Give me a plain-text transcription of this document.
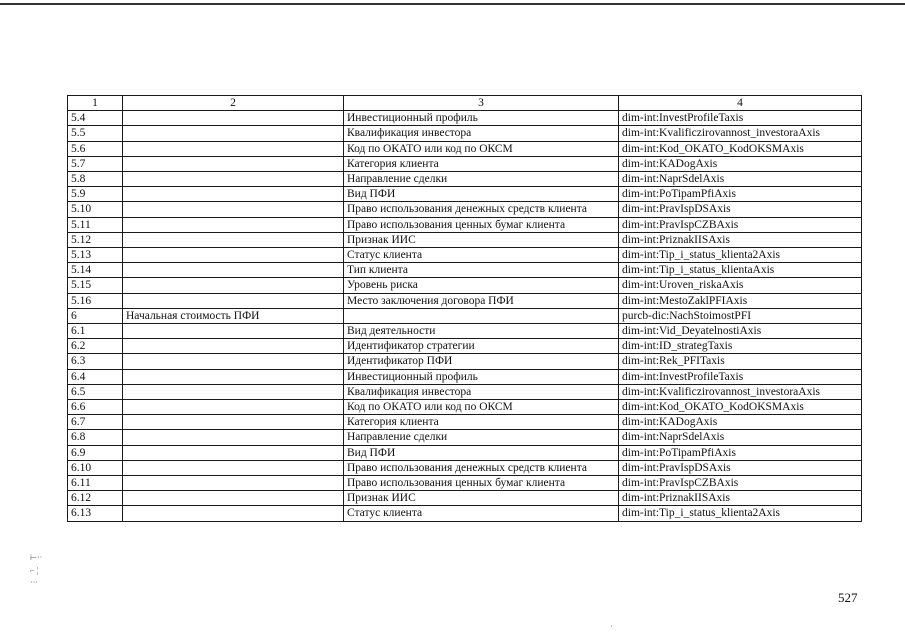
1	2	3	4
5.4		Инвестиционный профиль	dim-int:InvestProfileTaxis
5.5		Квалификация инвестора	dim-int:Kvalificzirovannost_investoraAxis
5.6		Код по ОКАТО или код по ОКСМ	dim-int:Kod_OKATO_KodOKSMAxis
5.7		Категория клиента	dim-int:KADogAxis
5.8		Направление сделки	dim-int:NaprSdelAxis
5.9		Вид ПФИ	dim-int:PoTipamPfiAxis
5.10		Право использования денежных средств клиента	dim-int:PravIspDSAxis
5.11		Право использования ценных бумаг клиента	dim-int:PravIspCZBAxis
5.12		Признак ИИС	dim-int:PriznakIISAxis
5.13		Статус клиента	dim-int:Tip_i_status_klienta2Axis
5.14		Тип клиента	dim-int:Tip_i_status_klientaAxis
5.15		Уровень риска	dim-int:Uroven_riskaAxis
5.16		Место заключения договора ПФИ	dim-int:MestoZaklPFIAxis
6	Начальная стоимость ПФИ		purcb-dic:NachStoimostPFI
6.1		Вид деятельности	dim-int:Vid_DeyatelnostiAxis
6.2		Идентификатор стратегии	dim-int:ID_strategTaxis
6.3		Идентификатор ПФИ	dim-int:Rek_PFITaxis
6.4		Инвестиционный профиль	dim-int:InvestProfileTaxis
6.5		Квалификация инвестора	dim-int:Kvalificzirovannost_investoraAxis
6.6		Код по ОКАТО или код по ОКСМ	dim-int:Kod_OKATO_KodOKSMAxis
6.7		Категория клиента	dim-int:KADogAxis
6.8		Направление сделки	dim-int:NaprSdelAxis
6.9		Вид ПФИ	dim-int:PoTipamPfiAxis
6.10		Право использования денежных средств клиента	dim-int:PravIspDSAxis
6.11		Право использования ценных бумаг клиента	dim-int:PravIspCZBAxis
6.12		Признак ИИС	dim-int:PriznakIISAxis
6.13		Статус клиента	dim-int:Tip_i_status_klienta2Axis
527
⊢··
⌐ ¦
···
·
